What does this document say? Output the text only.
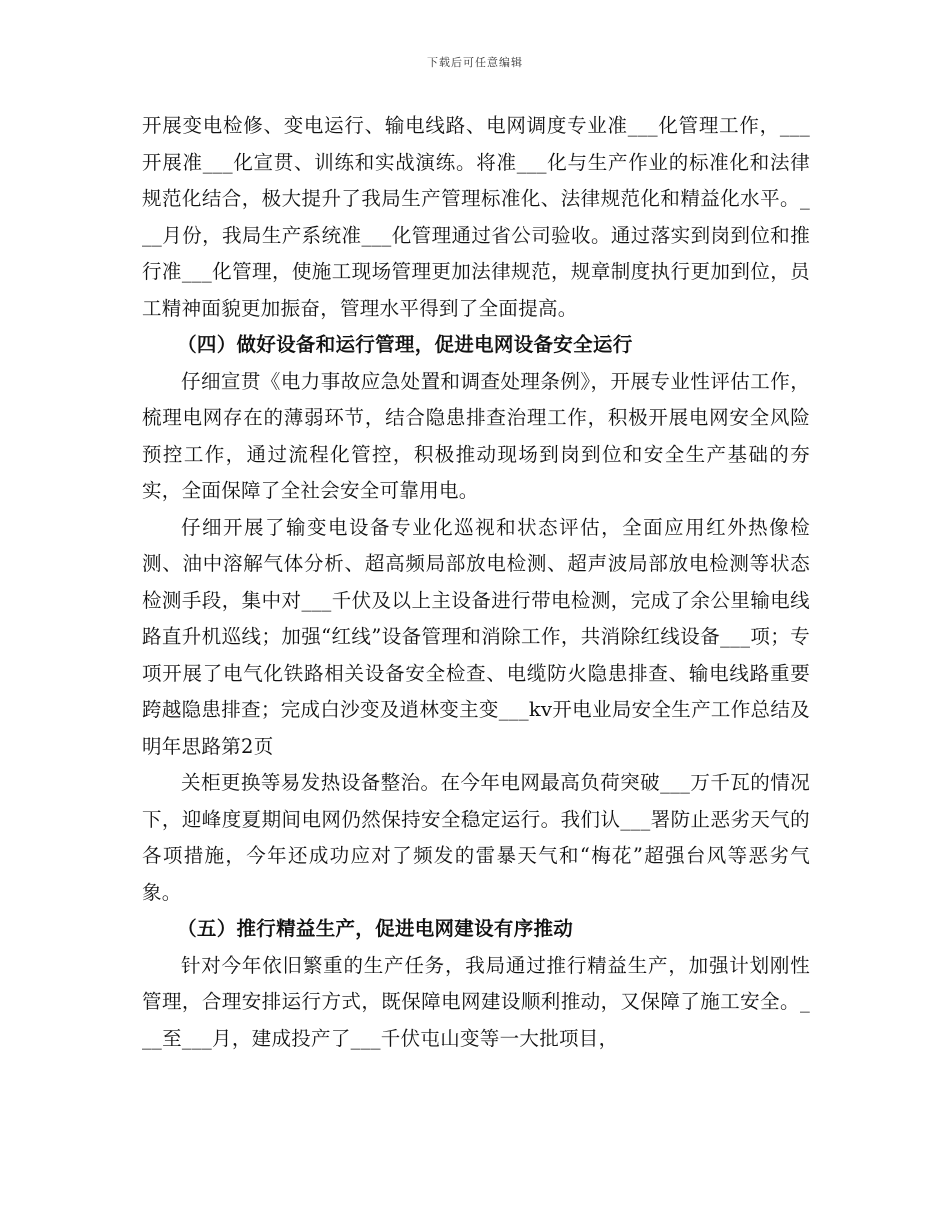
下载后可任意编辑

开展变电检修、变电运行、输电线路、电网调度专业准___化管理工作，___开展准___化宣贯、训练和实战演练。将准___化与生产作业的标准化和法律规范化结合，极大提升了我局生产管理标准化、法律规范化和精益化水平。___月份，我局生产系统准___化管理通过省公司验收。通过落实到岗到位和推行准___化管理，使施工现场管理更加法律规范，规章制度执行更加到位，员工精神面貌更加振奋，管理水平得到了全面提高。

（四）做好设备和运行管理，促进电网设备安全运行

仔细宣贯《电力事故应急处置和调查处理条例》，开展专业性评估工作，梳理电网存在的薄弱环节，结合隐患排查治理工作，积极开展电网安全风险预控工作，通过流程化管控，积极推动现场到岗到位和安全生产基础的夯实，全面保障了全社会安全可靠用电。

仔细开展了输变电设备专业化巡视和状态评估，全面应用红外热像检测、油中溶解气体分析、超高频局部放电检测、超声波局部放电检测等状态检测手段，集中对___千伏及以上主设备进行带电检测，完成了余公里输电线路直升机巡线；加强“红线”设备管理和消除工作，共消除红线设备___项；专项开展了电气化铁路相关设备安全检查、电缆防火隐患排查、输电线路重要跨越隐患排查；完成白沙变及逍林变主变___kv开电业局安全生产工作总结及明年思路第2页

关柜更换等易发热设备整治。在今年电网最高负荷突破___万千瓦的情况下，迎峰度夏期间电网仍然保持安全稳定运行。我们认___署防止恶劣天气的各项措施，今年还成功应对了频发的雷暴天气和“梅花”超强台风等恶劣气象。

（五）推行精益生产，促进电网建设有序推动

针对今年依旧繁重的生产任务，我局通过推行精益生产，加强计划刚性管理，合理安排运行方式，既保障电网建设顺利推动，又保障了施工安全。___至___月，建成投产了___千伏屯山变等一大批项目，
